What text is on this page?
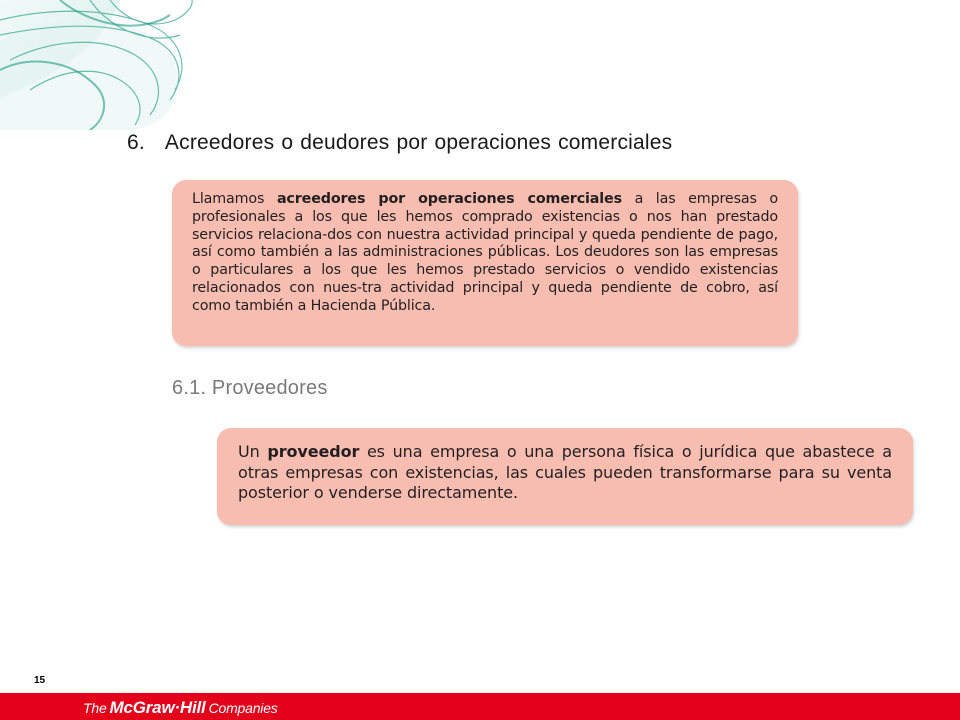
6. Acreedores o deudores por operaciones comerciales
Llamamos acreedores por operaciones comerciales a las empresas o profesionales a los que les hemos comprado existencias o nos han prestado servicios relaciona-dos con nuestra actividad principal y queda pendiente de pago, así como también a las administraciones públicas. Los deudores son las empresas o particulares a los que les hemos prestado servicios o vendido existencias relacionados con nues-tra actividad principal y queda pendiente de cobro, así como también a Hacienda Pública.
6.1. Proveedores
Un proveedor es una empresa o una persona física o jurídica que abastece a otras empresas con existencias, las cuales pueden transformarse para su venta posterior o venderse directamente.
15
The McGraw·Hill Companies
